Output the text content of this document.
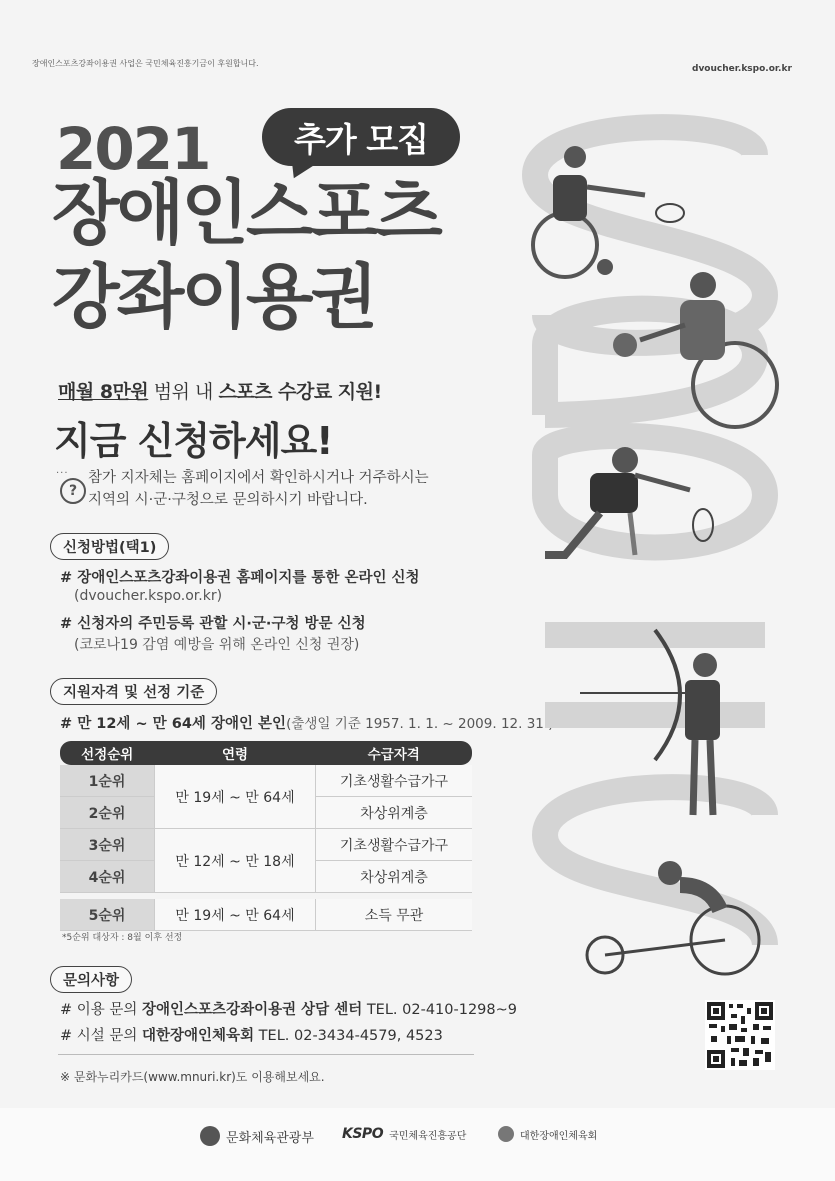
장애인스포츠강좌이용권 사업은 국민체육진흥기금이 후원합니다.
dvoucher.kspo.or.kr
2021	추가 모집
장애인스포츠
강좌이용권
매월 8만원 범위 내 스포츠 수강료 지원!
지금 신청하세요!
···
?
참가 지자체는 홈페이지에서 확인하시거나 거주하시는
지역의 시·군·구청으로 문의하시기 바랍니다.
신청방법(택1)
# 장애인스포츠강좌이용권 홈페이지를 통한 온라인 신청
(dvoucher.kspo.or.kr)
# 신청자의 주민등록 관할 시·군·구청 방문 신청
(코로나19 감염 예방을 위해 온라인 신청 권장)
지원자격 및 선정 기준
# 만 12세 ~ 만 64세 장애인 본인(출생일 기준 1957. 1. 1. ~ 2009. 12. 31.)
선정순위	연령	수급자격
1순위	만 19세 ~ 만 64세	기초생활수급가구
2순위		차상위계층
3순위	만 12세 ~ 만 18세	기초생활수급가구
4순위		차상위계층

5순위	만 19세 ~ 만 64세	소득 무관
*5순위 대상자 : 8월 이후 선정
문의사항
# 이용 문의 장애인스포츠강좌이용권 상담 센터 TEL. 02-410-1298~9
# 시설 문의 대한장애인체육회 TEL. 02-3434-4579, 4523
※ 문화누리카드(www.mnuri.kr)도 이용해보세요.
문화체육관광부 KSPO 국민체육진흥공단	대한장애인체육회
